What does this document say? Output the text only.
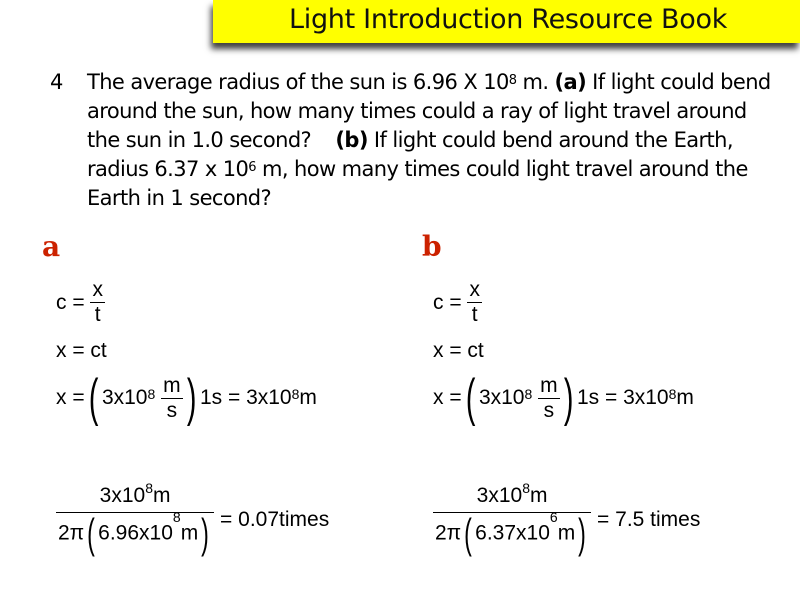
Light Introduction Resource Book
4 The average radius of the sun is 6.96 X $10^8$ m. (a) If light could bend around the sun, how many times could a ray of light travel around the sun in 1.0 second? (b) If light could bend around the Earth, radius 6.37 x $10^6$ m, how many times could light travel around the Earth in 1 second?
a
c =
$\frac{x}{t}$
x = ct
x = ( 3x10 8
$\frac{m}{s}$ ) 1s = 3x10 8 m
$\frac{3x10^8m}{2\pi( 6.96x10^8m)}$
= 0.07times
b
c =
$\frac{x}{t}$
x = ct
x = ( 3x10 8
$\frac{m}{s}$ ) 1s = 3x10 8 m
$\frac{3x10^8m}{2\pi( 6.37x10^6m)}$
= 7.5 times
